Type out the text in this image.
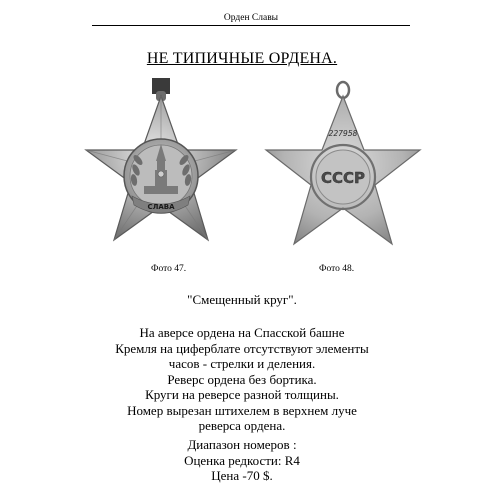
Орден Славы
НЕ ТИПИЧНЫЕ ОРДЕНА.
СЛАВА
227958
СССР
Фото 47.	Фото 48.
"Смещенный круг".
На аверсе ордена на Спасской башне
Кремля на циферблате отсутствуют элементы
часов - стрелки и деления.
Реверс ордена без бортика.
Круги на реверсе разной толщины.
Номер вырезан штихелем в верхнем луче
реверса ордена.
Диапазон номеров :
Оценка редкости: R4
Цена -70 $.
